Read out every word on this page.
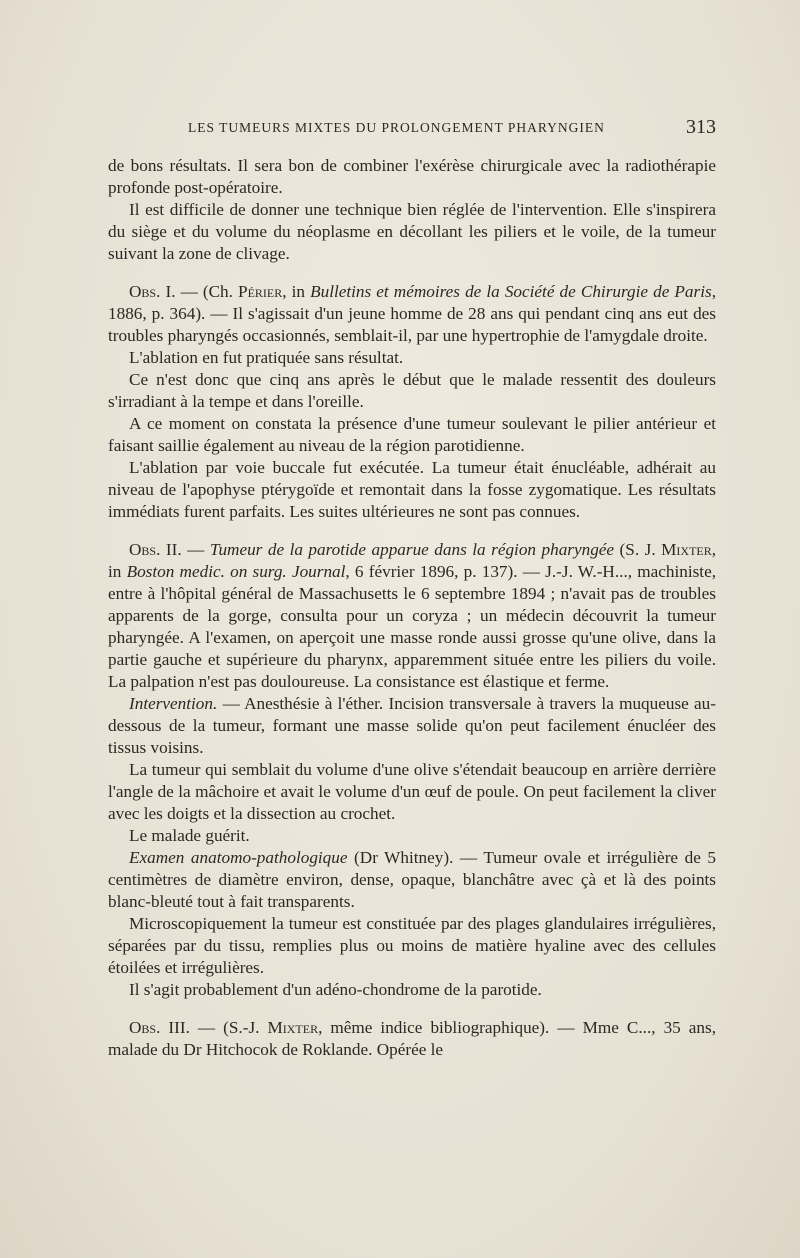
LES TUMEURS MIXTES DU PROLONGEMENT PHARYNGIEN	313

de bons résultats. Il sera bon de combiner l'exérèse chirurgicale avec la radiothérapie profonde post-opératoire.

Il est difficile de donner une technique bien réglée de l'intervention. Elle s'inspirera du siège et du volume du néoplasme en décollant les piliers et le voile, de la tumeur suivant la zone de clivage.

Obs. I. — (Ch. Périer, in Bulletins et mémoires de la Société de Chirurgie de Paris, 1886, p. 364). — Il s'agissait d'un jeune homme de 28 ans qui pendant cinq ans eut des troubles pharyngés occasionnés, semblait-il, par une hypertrophie de l'amygdale droite.

L'ablation en fut pratiquée sans résultat.

Ce n'est donc que cinq ans après le début que le malade ressentit des douleurs s'irradiant à la tempe et dans l'oreille.

A ce moment on constata la présence d'une tumeur soulevant le pilier antérieur et faisant saillie également au niveau de la région parotidienne.

L'ablation par voie buccale fut exécutée. La tumeur était énucléable, adhérait au niveau de l'apophyse ptérygoïde et remontait dans la fosse zygomatique. Les résultats immédiats furent parfaits. Les suites ultérieures ne sont pas connues.

Obs. II. — Tumeur de la parotide apparue dans la région pharyngée (S. J. Mixter, in Boston medic. on surg. Journal, 6 février 1896, p. 137). — J.-J. W.-H..., machiniste, entre à l'hôpital général de Massachusetts le 6 septembre 1894 ; n'avait pas de troubles apparents de la gorge, consulta pour un coryza ; un médecin découvrit la tumeur pharyngée. A l'examen, on aperçoit une masse ronde aussi grosse qu'une olive, dans la partie gauche et supérieure du pharynx, apparemment située entre les piliers du voile. La palpation n'est pas douloureuse. La consistance est élastique et ferme.

Intervention. — Anesthésie à l'éther. Incision transversale à travers la muqueuse au-dessous de la tumeur, formant une masse solide qu'on peut facilement énucléer des tissus voisins.

La tumeur qui semblait du volume d'une olive s'étendait beaucoup en arrière derrière l'angle de la mâchoire et avait le volume d'un œuf de poule. On peut facilement la cliver avec les doigts et la dissection au crochet.

Le malade guérit.

Examen anatomo-pathologique (Dr Whitney). — Tumeur ovale et irrégulière de 5 centimètres de diamètre environ, dense, opaque, blanchâtre avec çà et là des points blanc-bleuté tout à fait transparents.

Microscopiquement la tumeur est constituée par des plages glandulaires irrégulières, séparées par du tissu, remplies plus ou moins de matière hyaline avec des cellules étoilées et irrégulières.

Il s'agit probablement d'un adéno-chondrome de la parotide.

Obs. III. — (S.-J. Mixter, même indice bibliographique). — Mme C..., 35 ans, malade du Dr Hitchocok de Roklande. Opérée le
